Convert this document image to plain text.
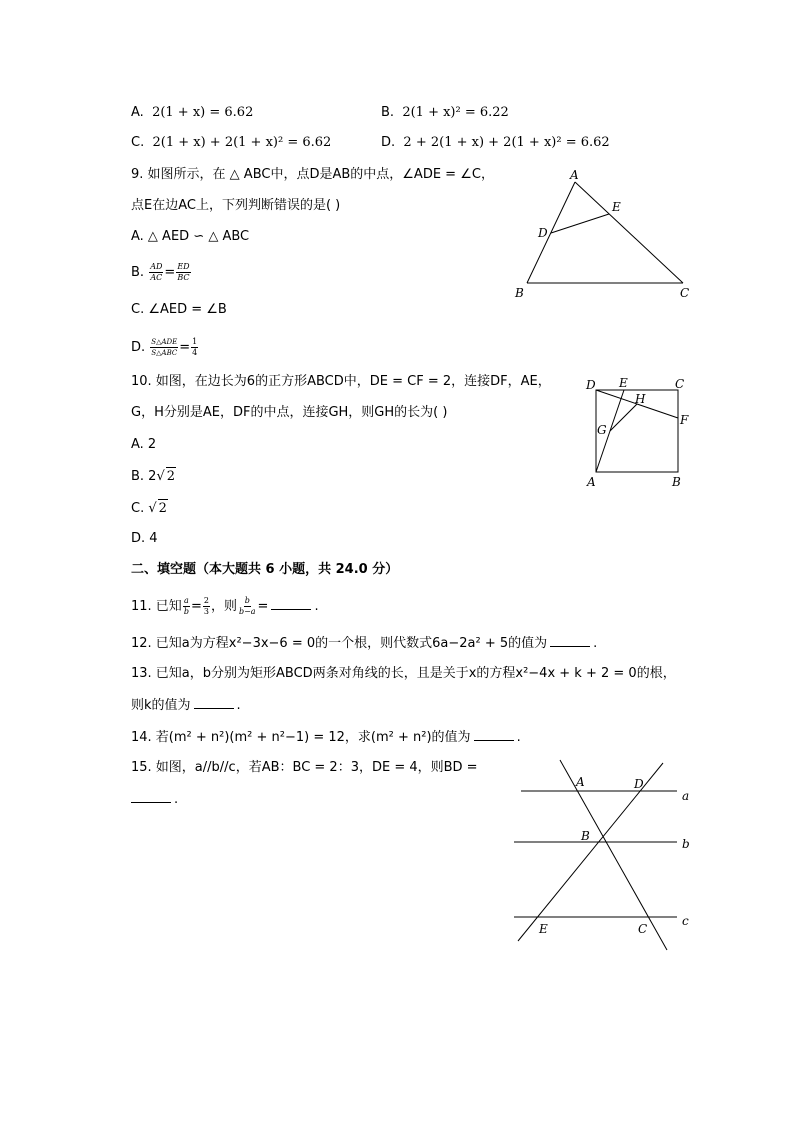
A. 2(1 + x) = 6.62	B. 2(1 + x)² = 6.22
C. 2(1 + x) + 2(1 + x)² = 6.62	D. 2 + 2(1 + x) + 2(1 + x)² = 6.62
9. 如图所示，在 △ ABC中，点D是AB的中点，∠ADE = ∠C，
点E在边AC上，下列判断错误的是( )
A. △ AED ∽ △ ABC
B. $\frac{AD}{AC} = \frac{ED}{BC}$
C. ∠AED = ∠B
D. $\frac{\text{S△ADE}}{\text{S△ABC}} = \frac{1}{4}$
A
E
D
B	C
10. 如图，在边长为6的正方形ABCD中，DE = CF = 2，连接DF，AE，
G，H分别是AE，DF的中点，连接GH，则GH的长为( )
A. 2
B. 2√ 2
C. √ 2
D. 4
D E	C
H
F
G
A	B
二、填空题（本大题共 6 小题，共 24.0 分）
11. 已知 $\frac{a}{b} = \frac{2}{3}$ ，则 $\frac{b}{b-a}$ =	.
12. 已知a为方程x²−3x−6 = 0的一个根，则代数式6a−2a² + 5的值为	.
13. 已知a，b分别为矩形ABCD两条对角线的长，且是关于x的方程x²−4x + k + 2 = 0的根，
则k的值为	.
14. 若(m² + n²)(m² + n²−1) = 12，求(m² + n²)的值为	.
15. 如图，a//b//c，若AB：BC = 2：3，DE = 4，则BD =
.
A	D
B
E	C
a
b
c
